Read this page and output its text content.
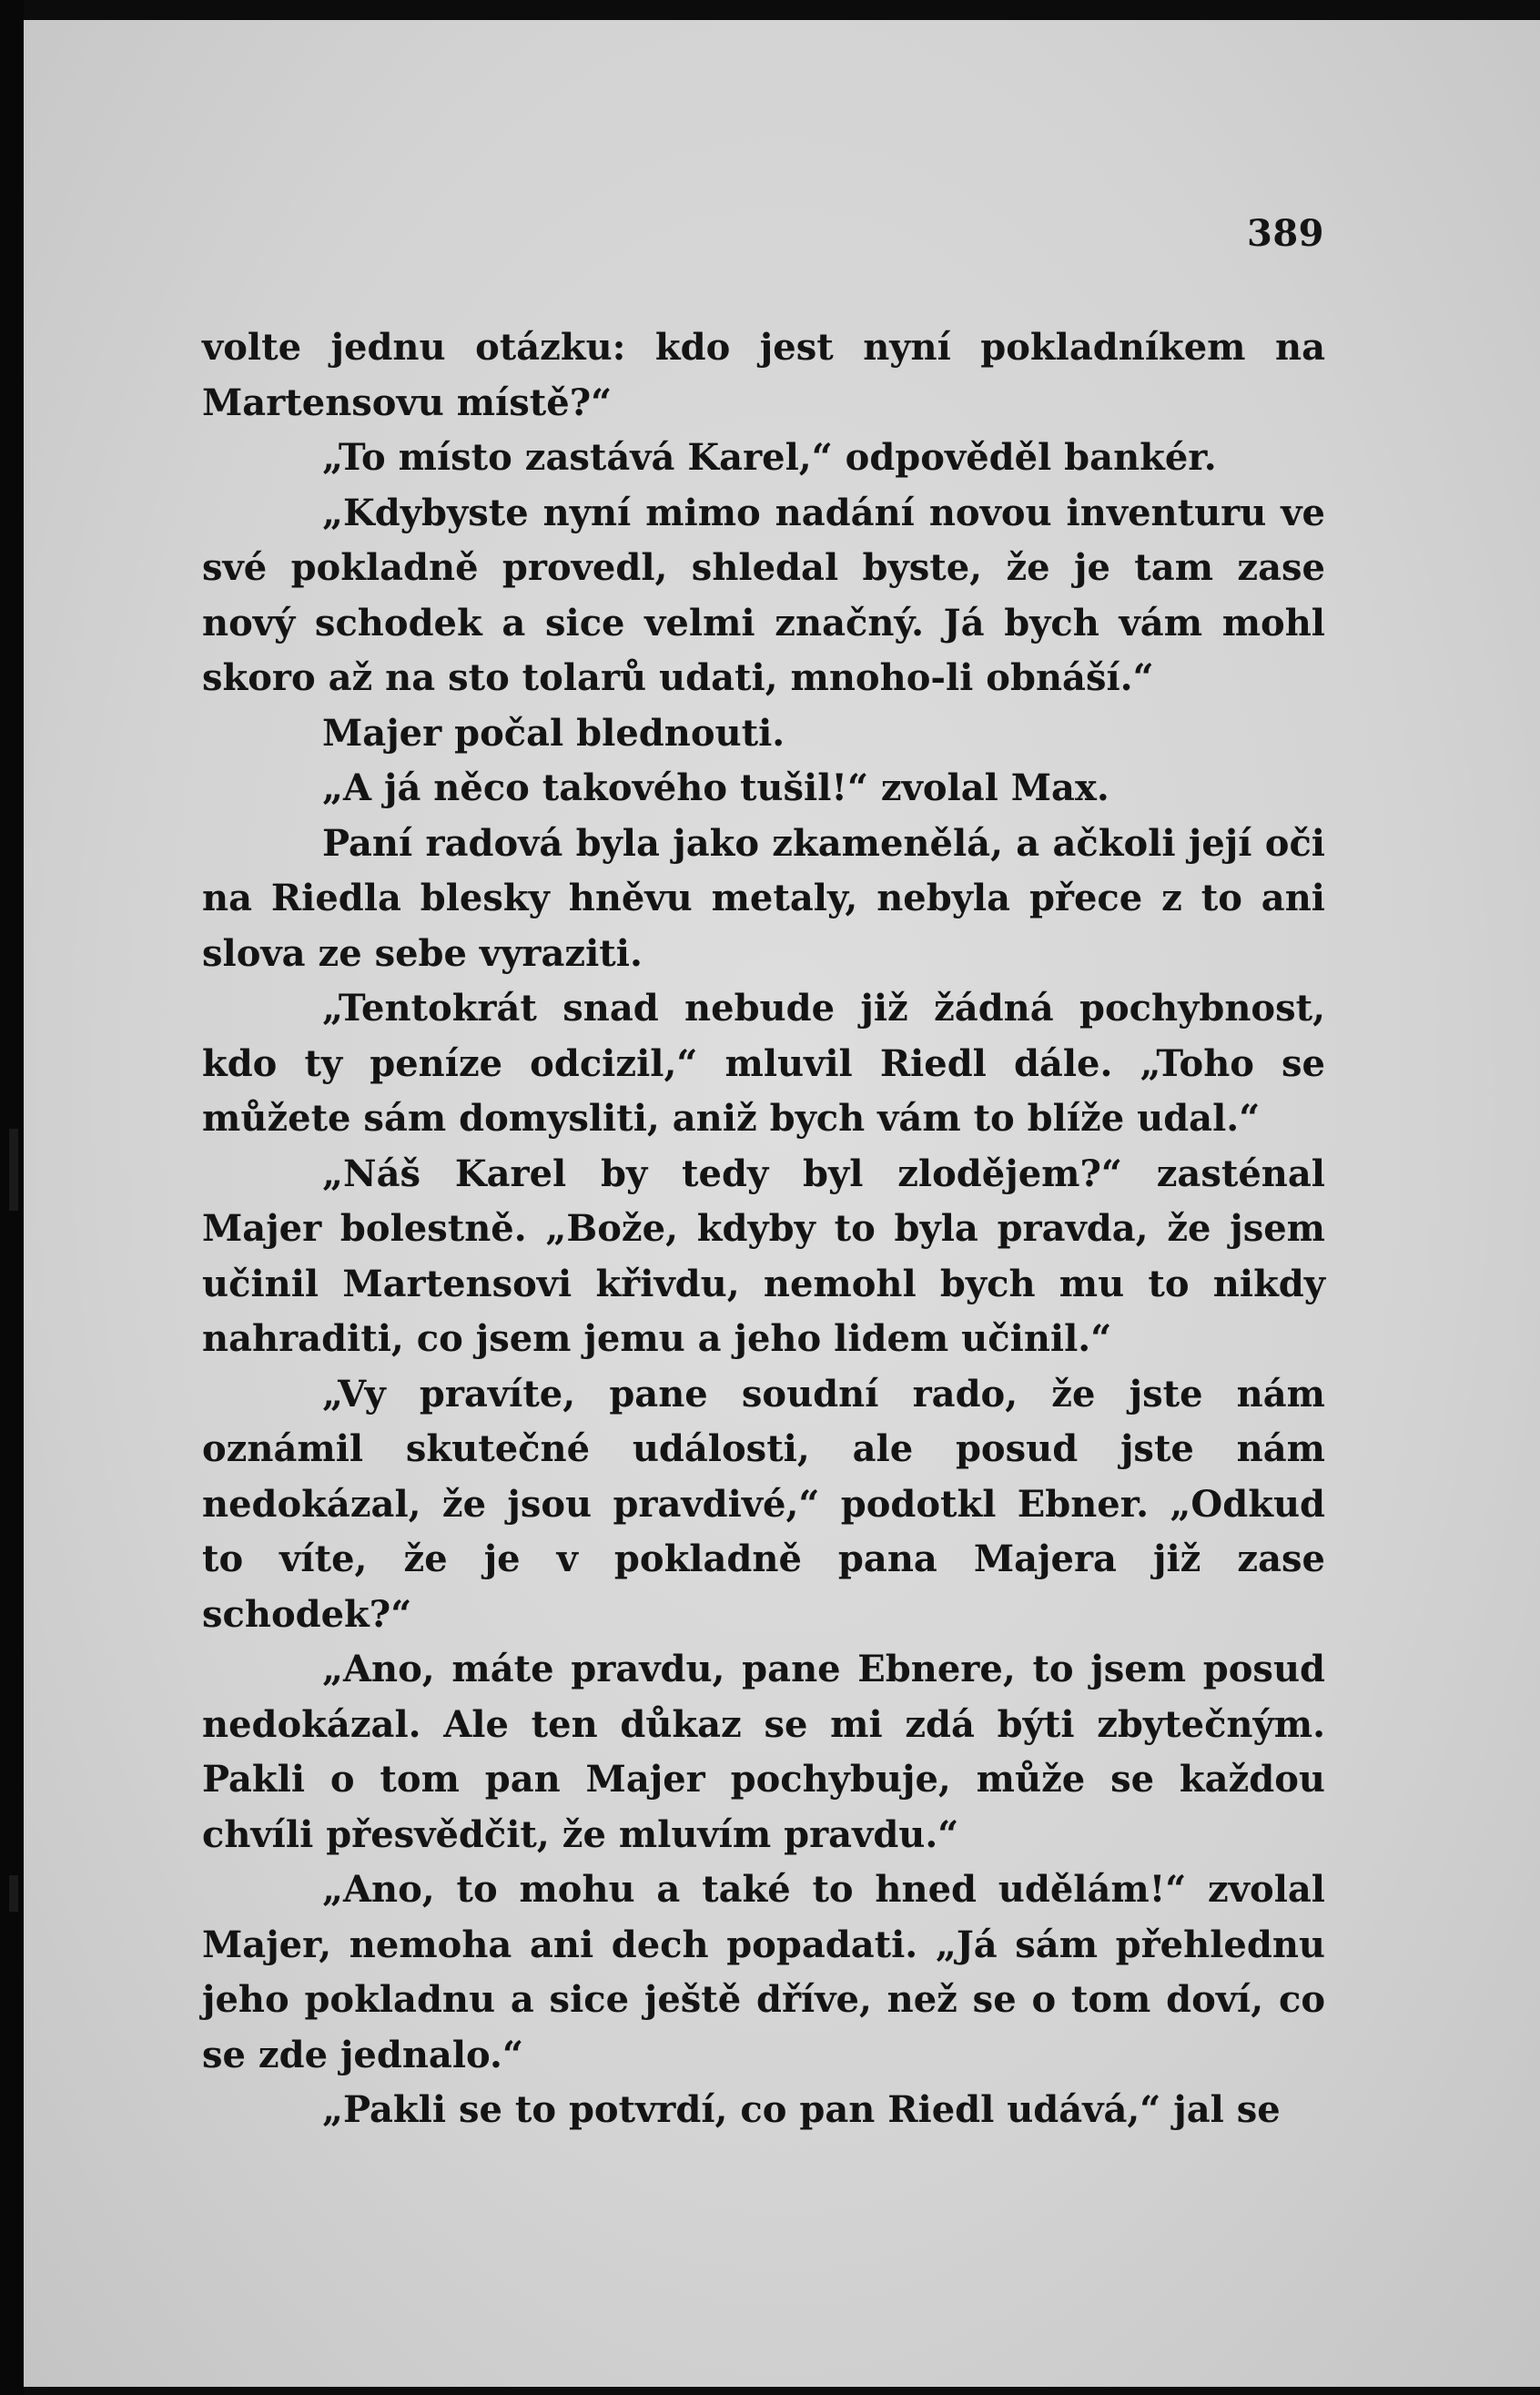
389

volte jednu otázku: kdo jest nyní pokladníkem na Martensovu místě?“

„To místo zastává Karel,“ odpověděl bankér.

„Kdybyste nyní mimo nadání novou inventuru ve své pokladně provedl, shledal byste, že je tam zase nový schodek a sice velmi značný. Já bych vám mohl skoro až na sto tolarů udati, mnoho-li obnáší.“

Majer počal blednouti.

„A já něco takového tušil!“ zvolal Max.

Paní radová byla jako zkamenělá, a ačkoli její oči na Riedla blesky hněvu metaly, nebyla přece z to ani slova ze sebe vyraziti.

„Tentokrát snad nebude již žádná pochybnost, kdo ty peníze odcizil,“ mluvil Riedl dále. „Toho se můžete sám domysliti, aniž bych vám to blíže udal.“

„Náš Karel by tedy byl zlodějem?“ zasténal Majer bolestně. „Bože, kdyby to byla pravda, že jsem učinil Martensovi křivdu, nemohl bych mu to nikdy nahraditi, co jsem jemu a jeho lidem učinil.“

„Vy pravíte, pane soudní rado, že jste nám oznámil skutečné události, ale posud jste nám nedokázal, že jsou pravdivé,“ podotkl Ebner. „Odkud to víte, že je v pokladně pana Majera již zase schodek?“

„Ano, máte pravdu, pane Ebnere, to jsem posud nedokázal. Ale ten důkaz se mi zdá býti zbytečným. Pakli o tom pan Majer pochybuje, může se každou chvíli přesvědčit, že mluvím pravdu.“

„Ano, to mohu a také to hned udělám!“ zvolal Majer, nemoha ani dech popadati. „Já sám přehlednu jeho pokladnu a sice ještě dříve, než se o tom doví, co se zde jednalo.“

„Pakli se to potvrdí, co pan Riedl udává,“ jal se
